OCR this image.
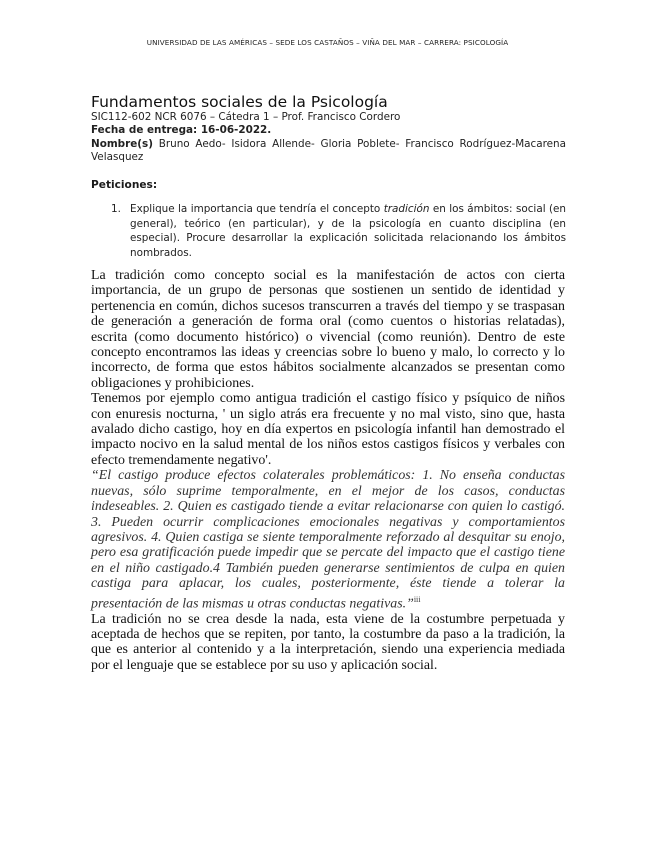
UNIVERSIDAD DE LAS AMÉRICAS – SEDE LOS CASTAÑOS – VIÑA DEL MAR – CARRERA: PSICOLOGÍA
Fundamentos sociales de la Psicología
SIC112-602 NCR 6076 – Cátedra 1 – Prof. Francisco Cordero
Fecha de entrega: 16-06-2022.
Nombre(s) Bruno Aedo- Isidora Allende- Gloria Poblete- Francisco Rodríguez-Macarena Velasquez
Peticiones:
1. Explique la importancia que tendría el concepto tradición en los ámbitos: social (en general), teórico (en particular), y de la psicología en cuanto disciplina (en especial). Procure desarrollar la explicación solicitada relacionando los ámbitos nombrados.

La tradición como concepto social es la manifestación de actos con cierta importancia, de un grupo de personas que sostienen un sentido de identidad y pertenencia en común, dichos sucesos transcurren a través del tiempo y se traspasan de generación a generación de forma oral (como cuentos o historias relatadas), escrita (como documento histórico) o vivencial (como reunión). Dentro de este concepto encontramos las ideas y creencias sobre lo bueno y malo, lo correcto y lo incorrecto, de forma que estos hábitos socialmente alcanzados se presentan como obligaciones y prohibiciones.

Tenemos por ejemplo como antigua tradición el castigo físico y psíquico de niños con enuresis nocturna, ' un siglo atrás era frecuente y no mal visto, sino que, hasta avalado dicho castigo, hoy en día expertos en psicología infantil han demostrado el impacto nocivo en la salud mental de los niños estos castigos físicos y verbales con efecto tremendamente negativo'.

“El castigo produce efectos colaterales problemáticos: 1. No enseña conductas nuevas, sólo suprime temporalmente, en el mejor de los casos, conductas indeseables. 2. Quien es castigado tiende a evitar relacionarse con quien lo castigó. 3. Pueden ocurrir complicaciones emocionales negativas y comportamientos agresivos. 4. Quien castiga se siente temporalmente reforzado al desquitar su enojo, pero esa gratificación puede impedir que se percate del impacto que el castigo tiene en el niño castigado.4 También pueden generarse sentimientos de culpa en quien castiga para aplacar, los cuales, posteriormente, éste tiende a tolerar la presentación de las mismas u otras conductas negativas.”$^{iii}$

La tradición no se crea desde la nada, esta viene de la costumbre perpetuada y aceptada de hechos que se repiten, por tanto, la costumbre da paso a la tradición, la que es anterior al contenido y a la interpretación, siendo una experiencia mediada por el lenguaje que se establece por su uso y aplicación social.
